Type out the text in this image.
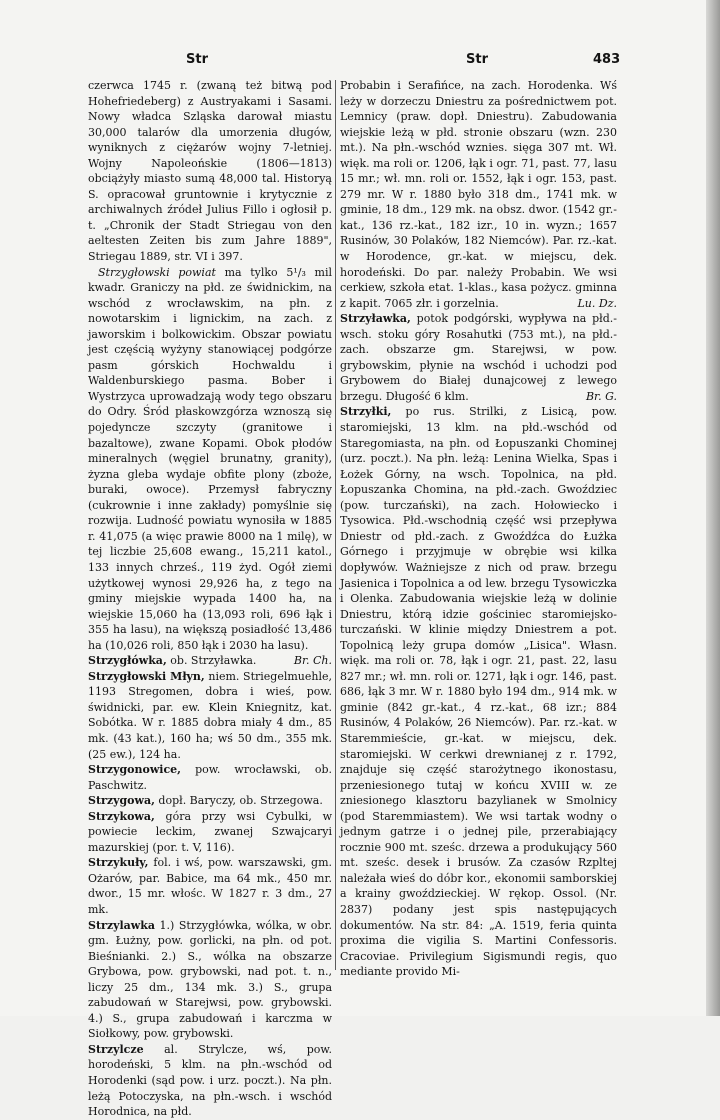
Str	Str	483

czerwca 1745 r. (zwaną też bitwą pod Hohefriedeberg) z Austryakami i Sasami. Nowy władca Szląska darował miastu 30,000 talarów dla umorzenia długów, wyniknych z ciężarów wojny 7-letniej. Wojny Napoleońskie (1806—1813) obciążyły miasto sumą 48,000 tal. Historyą S. opracował gruntownie i krytycznie z archiwalnych źródeł Julius Fillo i ogłosił p. t. „Chronik der Stadt Striegau von den aeltesten Zeiten bis zum Jahre 1889", Striegau 1889, str. VI i 397.

Strzygłowski powiat ma tylko 5¹/₃ mil kwadr. Graniczy na płd. ze świdnickim, na wschód z wrocławskim, na płn. z nowotarskim i lignickim, na zach. z jaworskim i bolkowickim. Obszar powiatu jest częścią wyżyny stanowiącej podgórze pasm górskich Hochwaldu i Waldenburskiego pasma. Bober i Wystrzyca uprowadzają wody tego obszaru do Odry. Śród płaskowzgórza wznoszą się pojedyncze szczyty (granitowe i bazaltowe), zwane Kopami. Obok płodów mineralnych (węgiel brunatny, granity), żyzna gleba wydaje obfite plony (zboże, buraki, owoce). Przemysł fabryczny (cukrownie i inne zakłady) pomyślnie się rozwija. Ludność powiatu wynosiła w 1885 r. 41,075 (a więc prawie 8000 na 1 milę), w tej liczbie 25,608 ewang., 15,211 katol., 133 innych chrześ., 119 żyd. Ogół ziemi użytkowej wynosi 29,926 ha, z tego na gminy miejskie wypada 1400 ha, na wiejskie 15,060 ha (13,093 roli, 696 łąk i 355 ha lasu), na większą posiadłość 13,486 ha (10,026 roli, 850 łąk i 2030 ha lasu).
Br. Ch.

Strzygłówka, ob. Strzyławka.

Strzygłowski Młyn, niem. Striegelmuehle, 1193 Stregomen, dobra i wieś, pow. świdnicki, par. ew. Klein Kniegnitz, kat. Sobótka. W r. 1885 dobra miały 4 dm., 85 mk. (43 kat.), 160 ha; wś 50 dm., 355 mk. (25 ew.), 124 ha.

Strzygonowice, pow. wrocławski, ob. Paschwitz.

Strzygowa, dopł. Baryczy, ob. Strzegowa.

Strzykowa, góra przy wsi Cybulki, w powiecie leckim, zwanej Szwajcaryi mazurskiej (por. t. V, 116).

Strzykuły, fol. i wś, pow. warszawski, gm. Ożarów, par. Babice, ma 64 mk., 450 mr. dwor., 15 mr. włośc. W 1827 r. 3 dm., 27 mk.

Strzylawka 1.) Strzygłówka, wólka, w obr. gm. Łużny, pow. gorlicki, na płn. od pot. Bieśnianki. 2.) S., wólka na obszarze Grybowa, pow. grybowski, nad pot. t. n., liczy 25 dm., 134 mk. 3.) S., grupa zabudowań w Starejwsi, pow. grybowski. 4.) S., grupa zabudowań i karczma w Siołkowy, pow. grybowski.

Strzylcze al. Strylcze, wś, pow. horodeński, 5 klm. na płn.-wschód od Horodenki (sąd pow. i urz. poczt.). Na płn. leżą Potoczyska, na płn.-wsch. i wschód Horodnica, na płd.

Probabin i Serafińce, na zach. Horodenka. Wś leży w dorzeczu Dniestru za pośrednictwem pot. Lemnicy (praw. dopł. Dniestru). Zabudowania wiejskie leżą w płd. stronie obszaru (wzn. 230 mt.). Na płn.-wschód wznies. sięga 307 mt. Wł. więk. ma roli or. 1206, łąk i ogr. 71, past. 77, lasu 15 mr.; wł. mn. roli or. 1552, łąk i ogr. 153, past. 279 mr. W r. 1880 było 318 dm., 1741 mk. w gminie, 18 dm., 129 mk. na obsz. dwor. (1542 gr.-kat., 136 rz.-kat., 182 izr., 10 in. wyzn.; 1657 Rusinów, 30 Polaków, 182 Niemców). Par. rz.-kat. w Horodence, gr.-kat. w miejscu, dek. horodeński. Do par. należy Probabin. We wsi cerkiew, szkoła etat. 1-klas., kasa pożycz. gminna z kapit. 7065 złr. i gorzelnia.	Lu. Dz.

Strzyławka, potok podgórski, wypływa na płd.-wsch. stoku góry Rosahutki (753 mt.), na płd.-zach. obszarze gm. Starejwsi, w pow. grybowskim, płynie na wschód i uchodzi pod Grybowem do Białej dunajcowej z lewego brzegu. Długość 6 klm.	Br. G.

Strzyłki, po rus. Strilki, z Lisicą, pow. staromiejski, 13 klm. na płd.-wschód od Staregomiasta, na płn. od Łopuszanki Chominej (urz. poczt.). Na płn. leżą: Lenina Wielka, Spas i Łożek Górny, na wsch. Topolnica, na płd. Łopuszanka Chomina, na płd.-zach. Gwoździec (pow. turczański), na zach. Hołowiecko i Tysowica. Płd.-wschodnią część wsi przepływa Dniestr od płd.-zach. z Gwoźdźca do Łużka Górnego i przyjmuje w obrębie wsi kilka dopływów. Ważniejsze z nich od praw. brzegu Jasienica i Topolnica a od lew. brzegu Tysowiczka i Olenka. Zabudowania wiejskie leżą w dolinie Dniestru, którą idzie gościniec staromiejsko-turczański. W klinie między Dniestrem a pot. Topolnicą leży grupa domów „Lisica". Własn. więk. ma roli or. 78, łąk i ogr. 21, past. 22, lasu 827 mr.; wł. mn. roli or. 1271, łąk i ogr. 146, past. 686, łąk 3 mr. W r. 1880 było 194 dm., 914 mk. w gminie (842 gr.-kat., 4 rz.-kat., 68 izr.; 884 Rusinów, 4 Polaków, 26 Niemców). Par. rz.-kat. w Staremmieście, gr.-kat. w miejscu, dek. staromiejski. W cerkwi drewnianej z r. 1792, znajduje się część starożytnego ikonostasu, przeniesionego tutaj w końcu XVIII w. ze zniesionego klasztoru bazylianek w Smolnicy (pod Staremmiastem). We wsi tartak wodny o jednym gatrze i o jednej pile, przerabiający rocznie 900 mt. sześc. drzewa a produkujący 560 mt. sześc. desek i brusów. Za czasów Rzpltej należała wieś do dóbr kor., ekonomii samborskiej a krainy gwoździeckiej. W rękop. Ossol. (Nr. 2837) podany jest spis następujących dokumentów. Na str. 84: „A. 1519, feria quinta proxima die vigilia S. Martini Confessoris. Cracoviae. Privilegium Sigismundi regis, quo mediante provido Mi-
